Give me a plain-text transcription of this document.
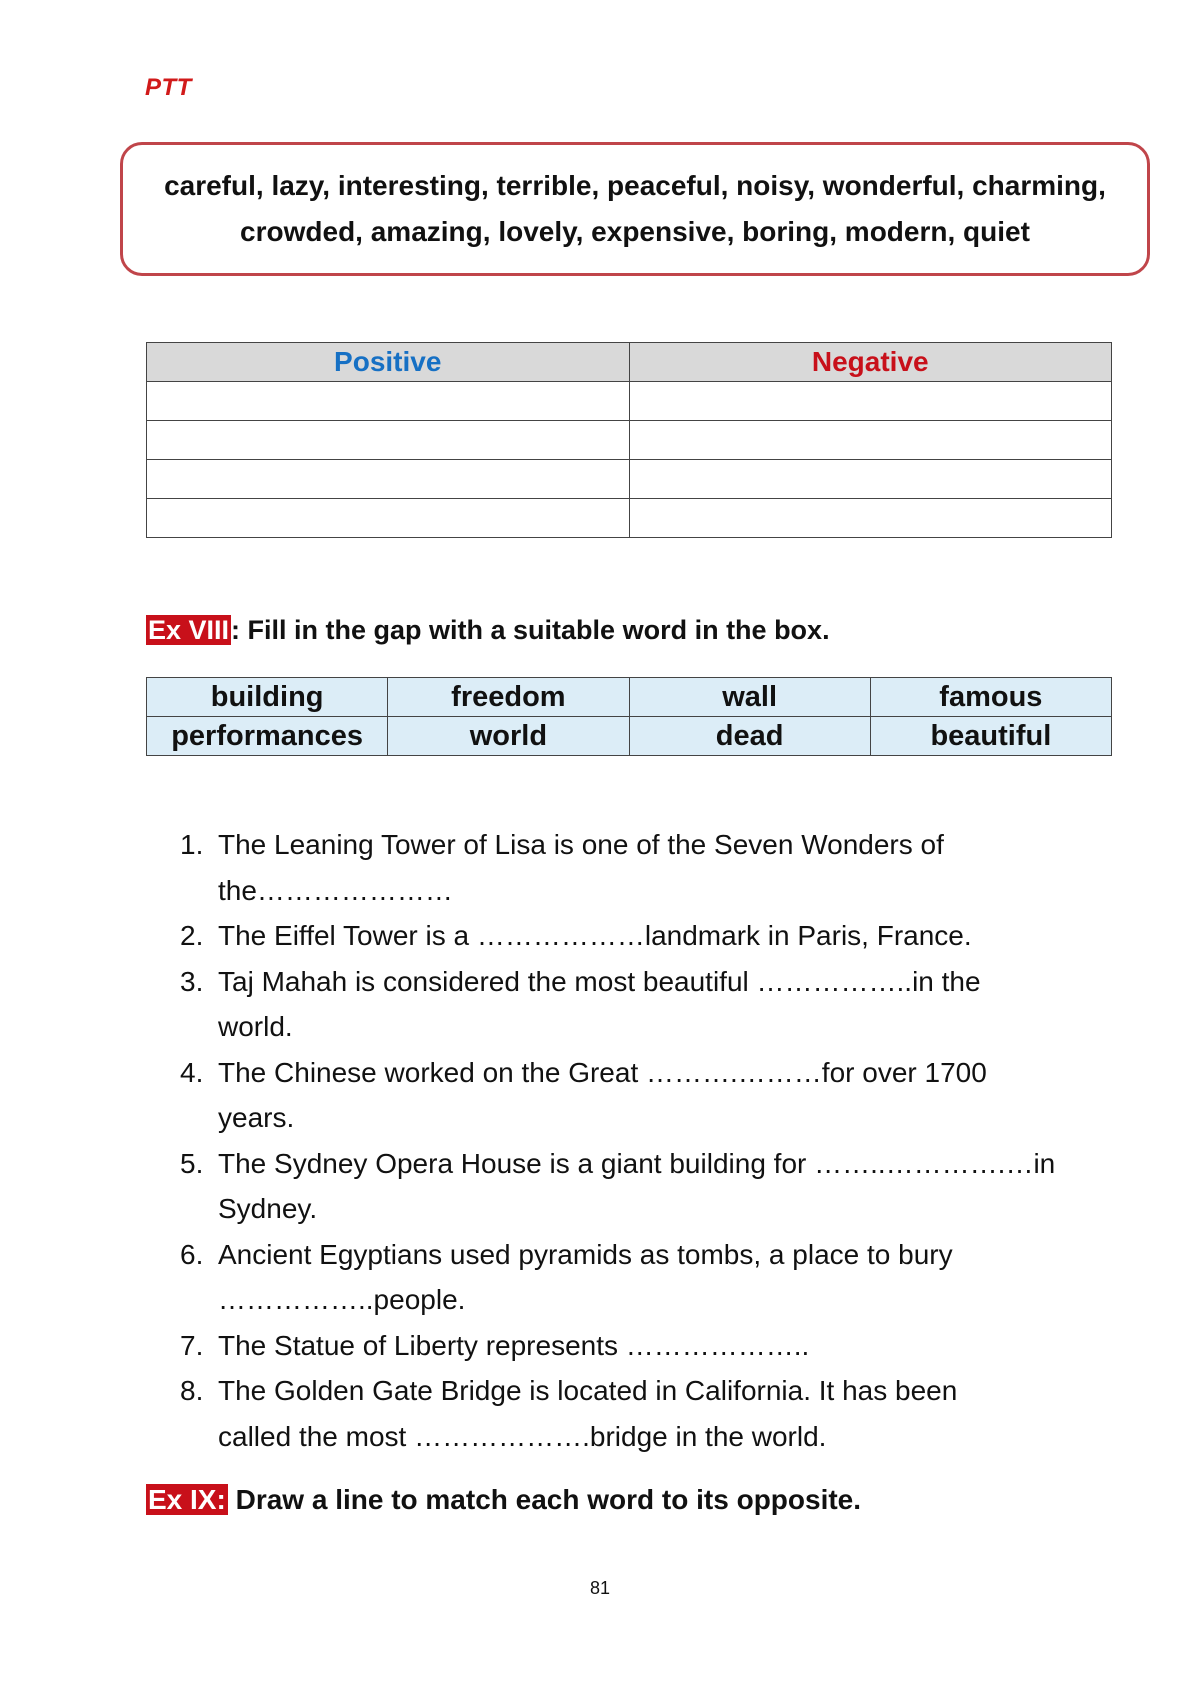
PTT
careful, lazy, interesting, terrible, peaceful, noisy, wonderful, charming,
crowded, amazing, lovely, expensive, boring, modern, quiet
Positive	Negative

Ex VIII: Fill in the gap with a suitable word in the box.
building	freedom	wall	famous
performances	world	dead	beautiful
1. The Leaning Tower of Lisa is one of the Seven Wonders of
the…………………
2. The Eiffel Tower is a ………………landmark in Paris, France.
3. Taj Mahah is considered the most beautiful ……………..in the
world.
4. The Chinese worked on the Great ……….………for over 1700
years.
5. The Sydney Opera House is a giant building for ……..………….…in
Sydney.
6. Ancient Egyptians used pyramids as tombs, a place to bury
……………..people.
7. The Statue of Liberty represents ………………..
8. The Golden Gate Bridge is located in California. It has been
called the most ……………….bridge in the world.
Ex IX: Draw a line to match each word to its opposite.
81
